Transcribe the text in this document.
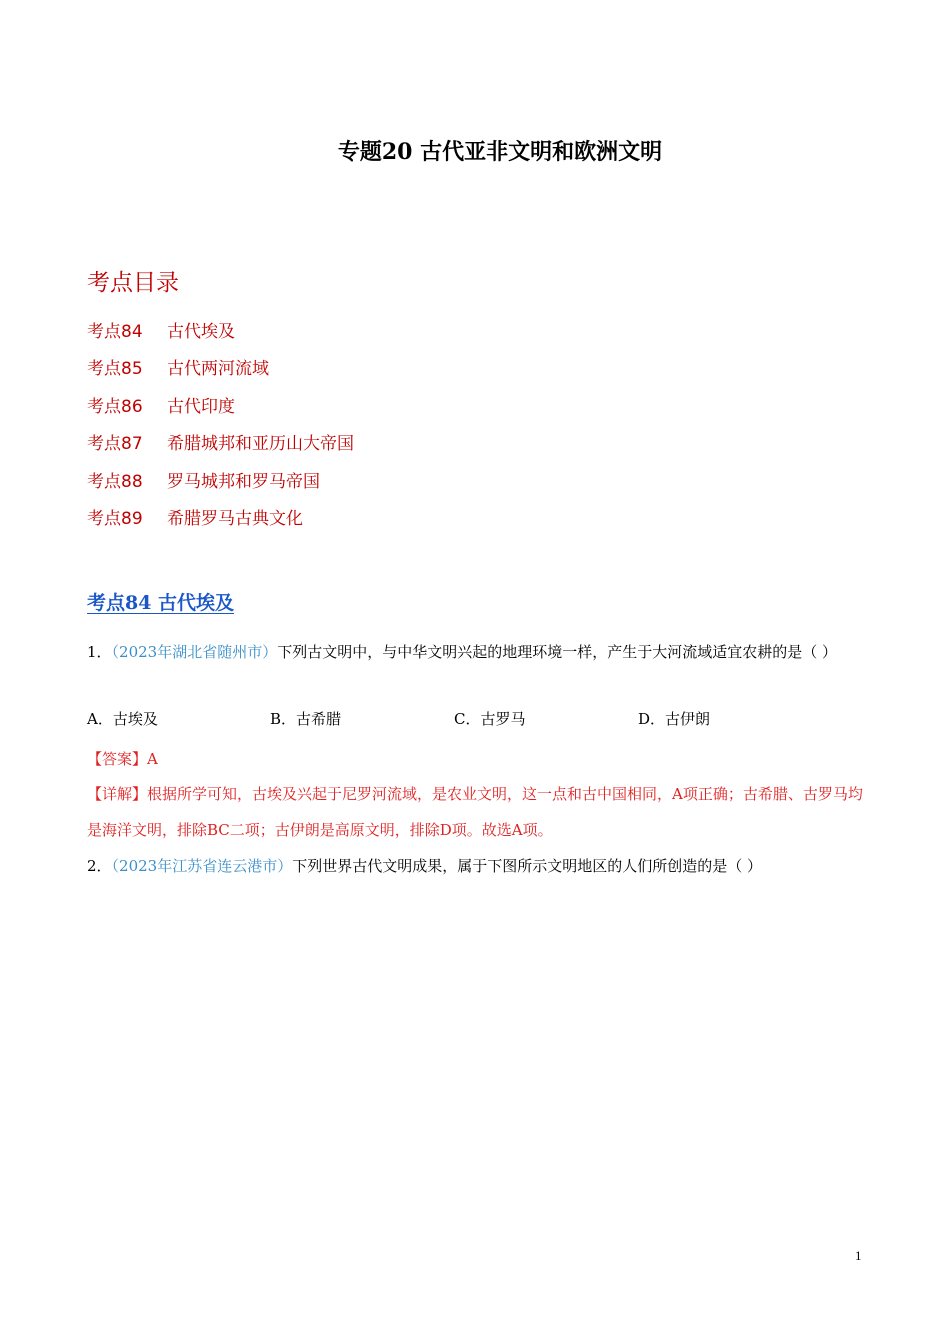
专题20 古代亚非文明和欧洲文明
考点目录
考点84 古代埃及
考点85 古代两河流域
考点86 古代印度
考点87 希腊城邦和亚历山大帝国
考点88 罗马城邦和罗马帝国
考点89 希腊罗马古典文化
考点84 古代埃及

1．（2023年湖北省随州市）下列古文明中，与中华文明兴起的地理环境一样，产生于大河流域适宜农耕的是（ ）

A．古埃及	B．古希腊	C．古罗马	D．古伊朗

【答案】A

【详解】根据所学可知，古埃及兴起于尼罗河流域，是农业文明，这一点和古中国相同，A项正确；古希腊、古罗马均是海洋文明，排除BC二项；古伊朗是高原文明，排除D项。故选A项。

2．（2023年江苏省连云港市）下列世界古代文明成果，属于下图所示文明地区的人们所创造的是（ ）

1
